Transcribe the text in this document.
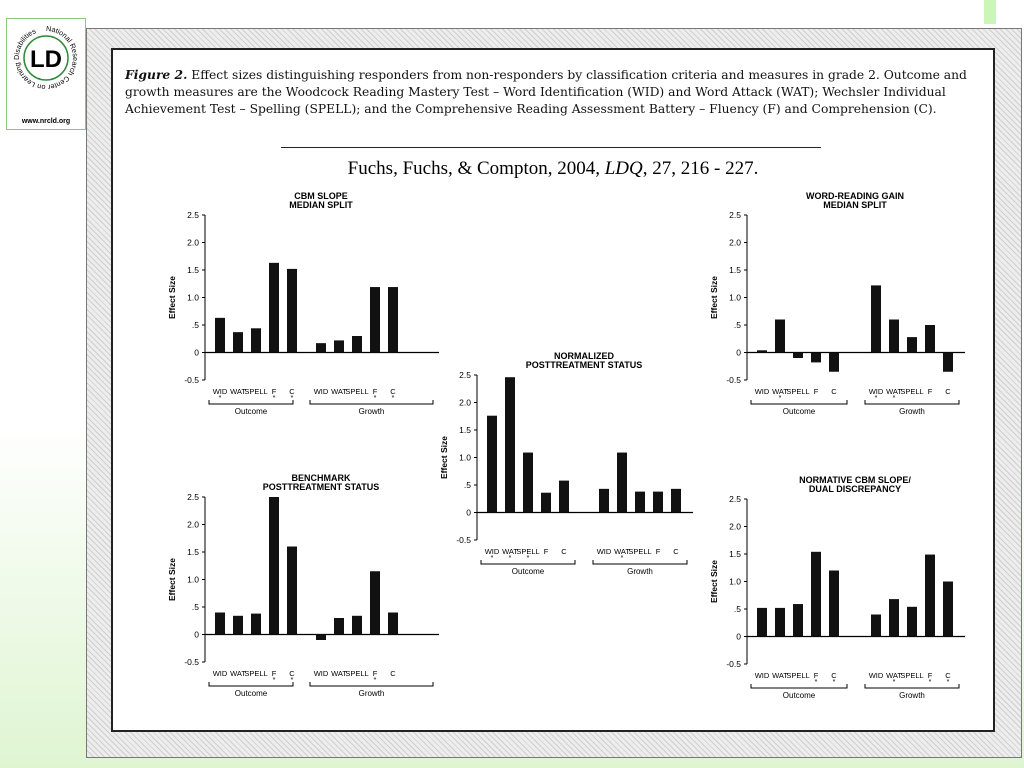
National Research Center on Learning Disabilities
LD
www.nrcld.org
Figure 2. Effect sizes distinguishing responders from non-responders by classification criteria and measures in grade 2. Outcome and growth measures are the Woodcock Reading Mastery Test – Word Identification (WID) and Word Attack (WAT); Wechsler Individual Achievement Test – Spelling (SPELL); and the Comprehensive Reading Assessment Battery – Fluency (F) and Comprehension (C).
Fuchs, Fuchs, & Compton, 2004, LDQ, 27, 216 - 227.
CBM SLOPE
MEDIAN SPLIT
2.5
2.0
1.5
1.0
.5
0
-0.5
Effect Size
WID
*
WAT
SPELL F
*
C
*
Outcome
WID WAT
SPELL F
*
C
*
Growth
WORD-READING GAIN
MEDIAN SPLIT
2.5
2.0
1.5
1.0
.5
0
-0.5
Effect Size
WID WAT
*
SPELL F C
Outcome
WID
*
WAT
*
SPELL F C
Growth
NORMALIZED
POSTTREATMENT STATUS
2.5
2.0
1.5
1.0
.5
0
-0.5
Effect Size
WID
*
WAT
*
SPELL
*
F C
Outcome
WID WAT
*
SPELL F C
Growth
BENCHMARK
POSTTREATMENT STATUS
2.5
2.0
1.5
1.0
.5
0
-0.5
Effect Size
WID WAT
SPELL F
*
C
*
Outcome
WID WAT
SPELL F
*
C
Growth
NORMATIVE CBM SLOPE/
DUAL DISCREPANCY
2.5
2.0
1.5
1.0
.5
0
-0.5
Effect Size
WID WAT
SPELL F
*
C
*
Outcome
WID WAT
*
SPELL F
*
C
*
Growth
